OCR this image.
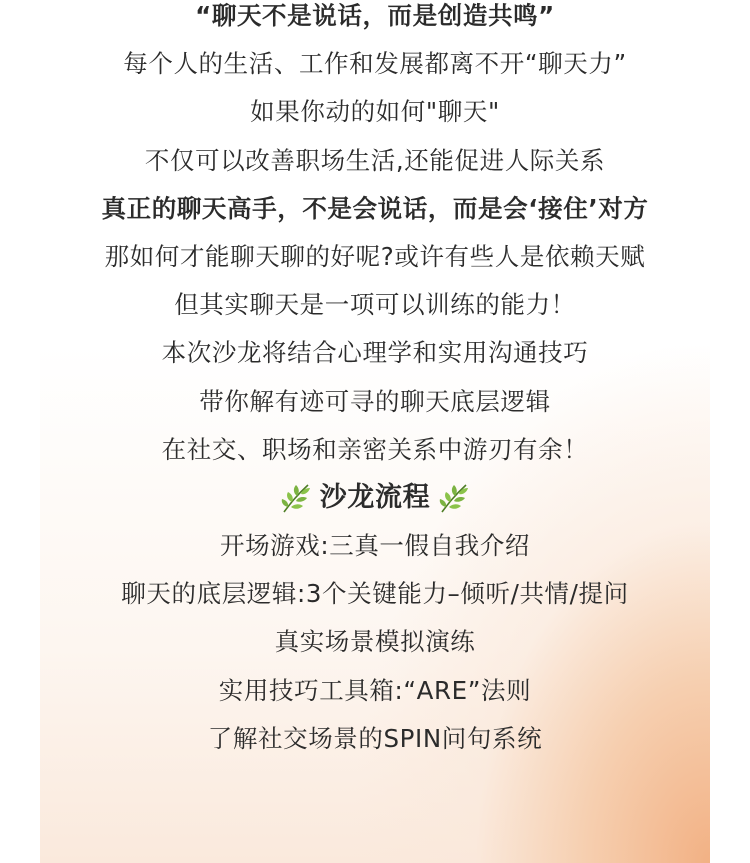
“聊天不是说话，而是创造共鸣”
每个人的生活、工作和发展都离不开“聊天力”
如果你动的如何"聊天"
不仅可以改善职场生活,还能促进人际关系
真正的聊天高手，不是会说话，而是会‘接住’对方
那如何才能聊天聊的好呢?或许有些人是依赖天赋
但其实聊天是一项可以训练的能力！
本次沙龙将结合心理学和实用沟通技巧
带你解有迹可寻的聊天底层逻辑
在社交、职场和亲密关系中游刃有余！
沙龙流程
开场游戏:三真一假自我介绍
聊天的底层逻辑:3个关键能力–倾听/共情/提问
真实场景模拟演练
实用技巧工具箱:“ARE”法则
了解社交场景的SPIN问句系统
